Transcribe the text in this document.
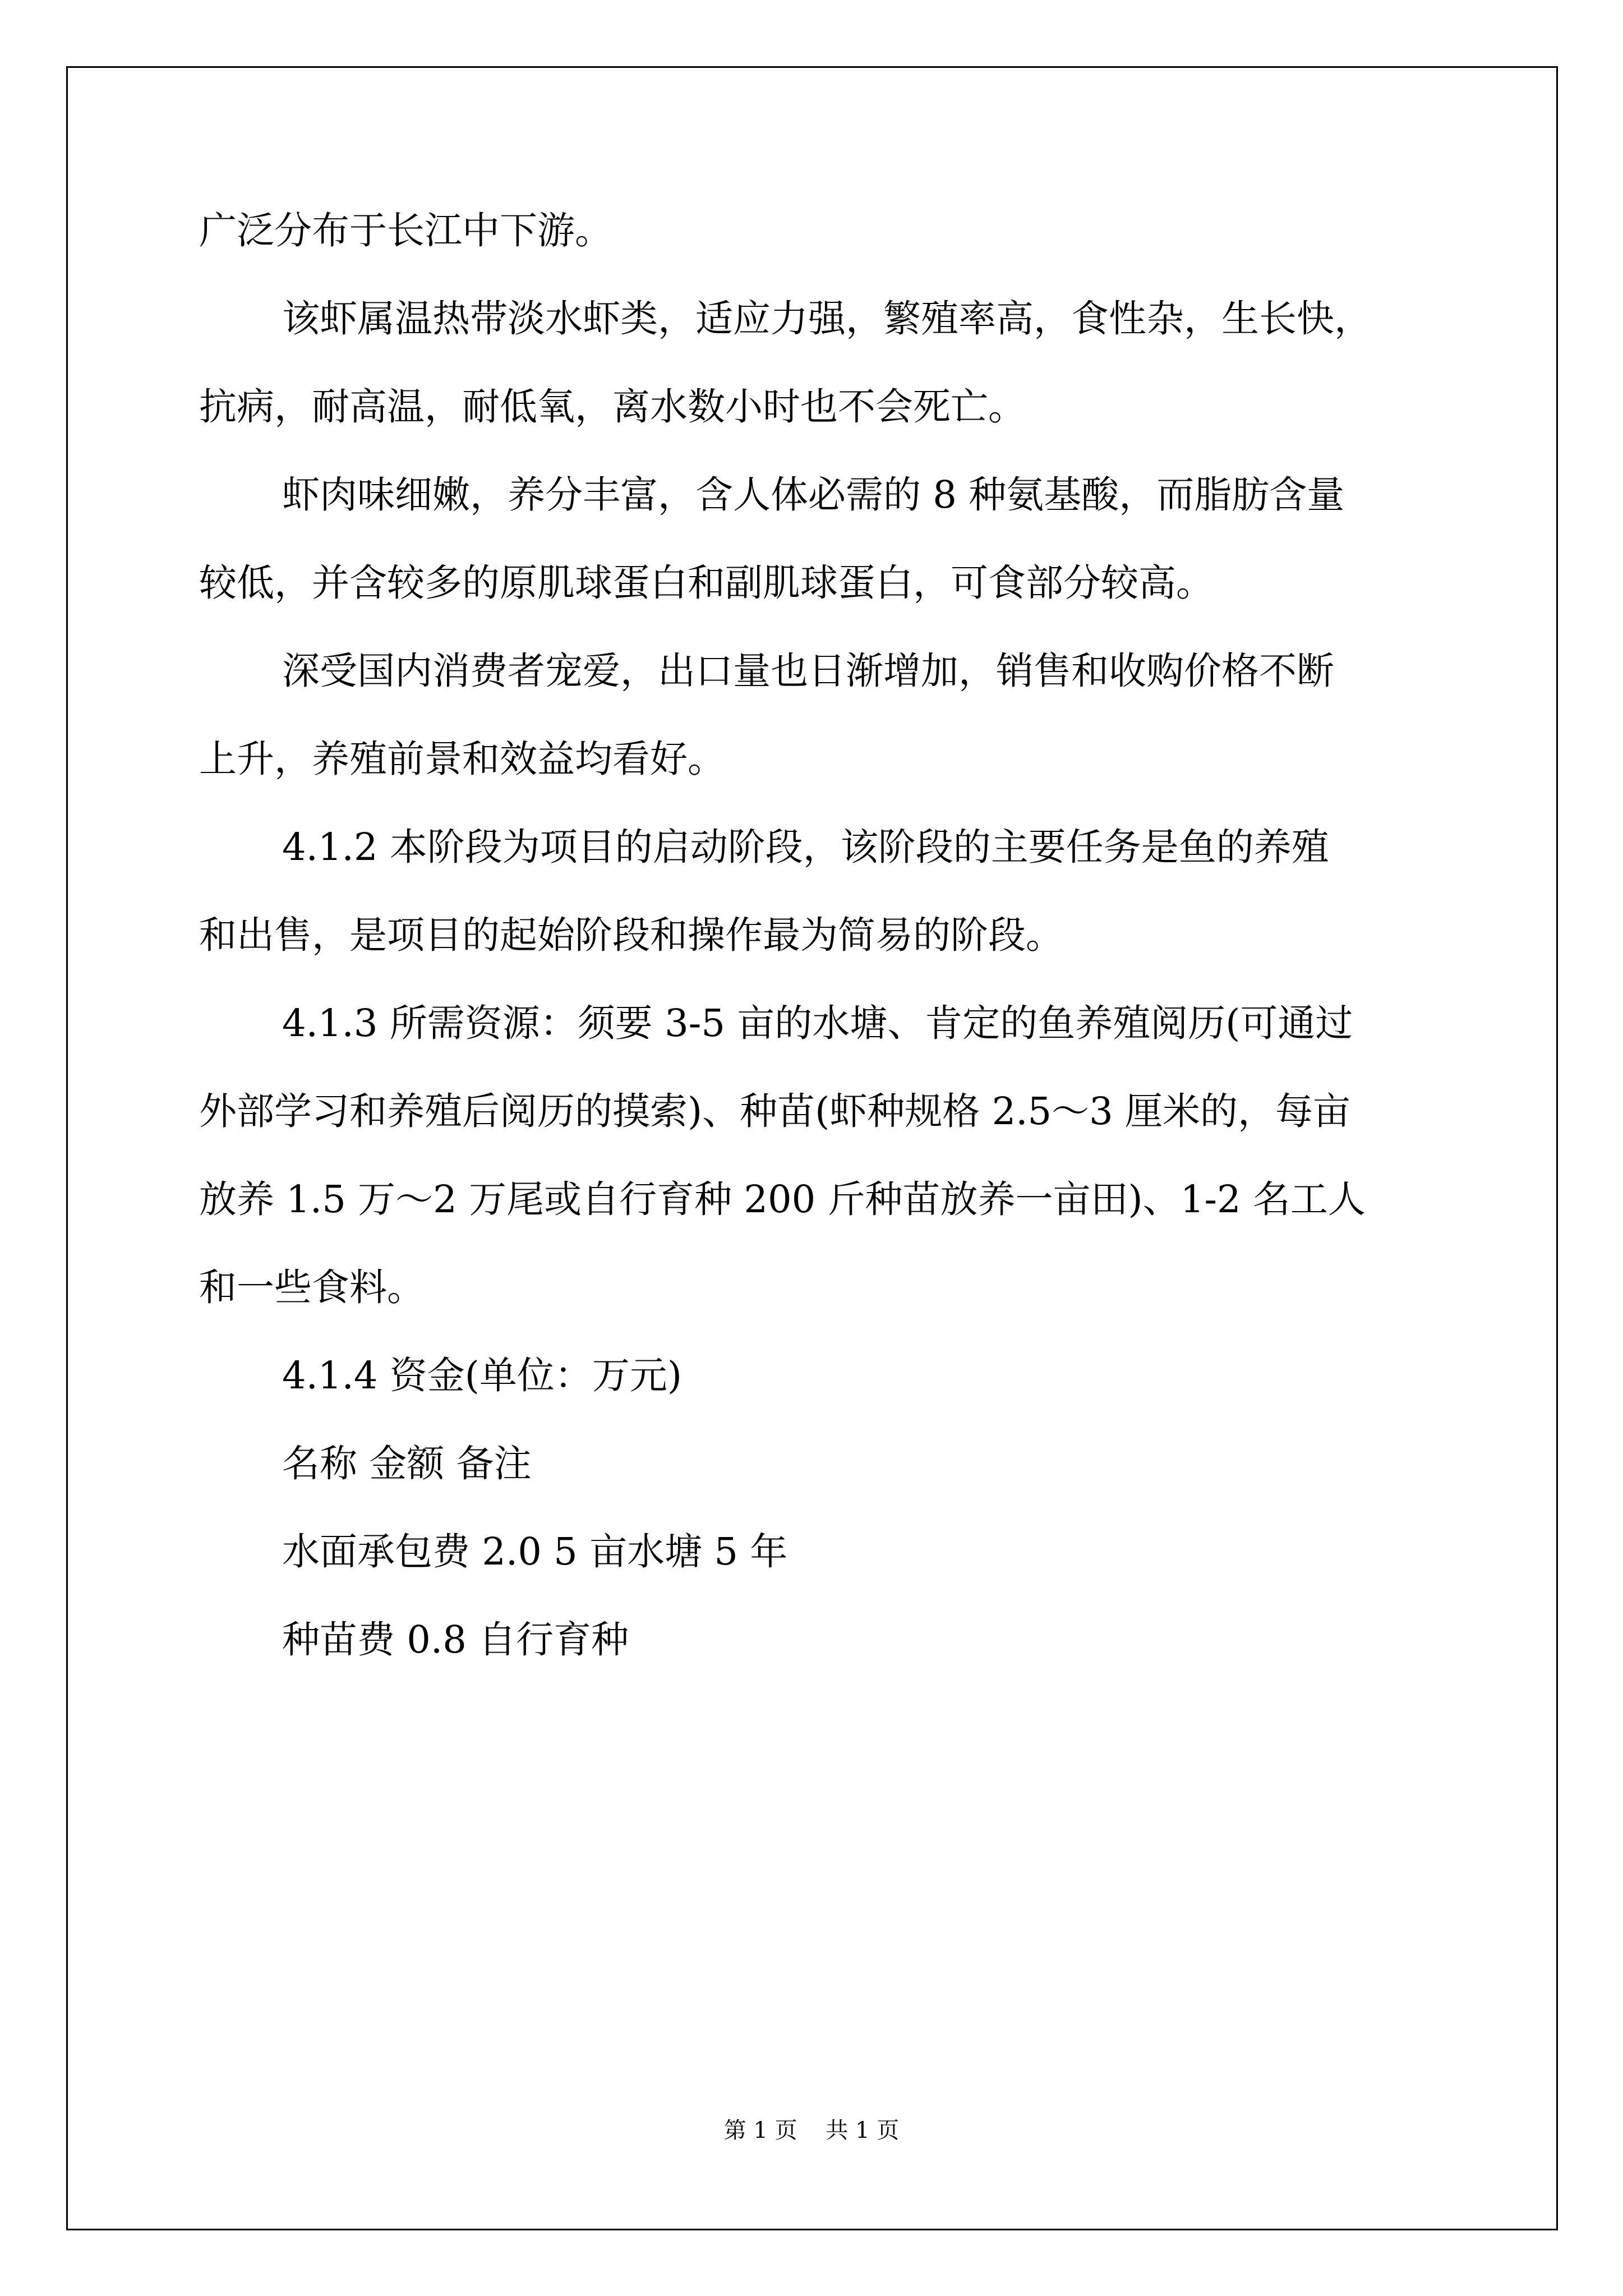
广泛分布于长江中下游。
该虾属温热带淡水虾类，适应力强，繁殖率高，食性杂，生长快，
抗病，耐高温，耐低氧，离水数小时也不会死亡。
虾肉味细嫩，养分丰富，含人体必需的 8 种氨基酸，而脂肪含量
较低，并含较多的原肌球蛋白和副肌球蛋白，可食部分较高。
深受国内消费者宠爱，出口量也日渐增加，销售和收购价格不断
上升，养殖前景和效益均看好。
4.1.2 本阶段为项目的启动阶段，该阶段的主要任务是鱼的养殖
和出售，是项目的起始阶段和操作最为简易的阶段。
4.1.3 所需资源：须要 3-5 亩的水塘、肯定的鱼养殖阅历(可通过
外部学习和养殖后阅历的摸索)、种苗(虾种规格 2.5～3 厘米的，每亩
放养 1.5 万～2 万尾或自行育种 200 斤种苗放养一亩田)、1-2 名工人
和一些食料。
4.1.4 资金(单位：万元)
名称 金额 备注
水面承包费 2.0 5 亩水塘 5 年
种苗费 0.8 自行育种
第 1 页    共 1 页
